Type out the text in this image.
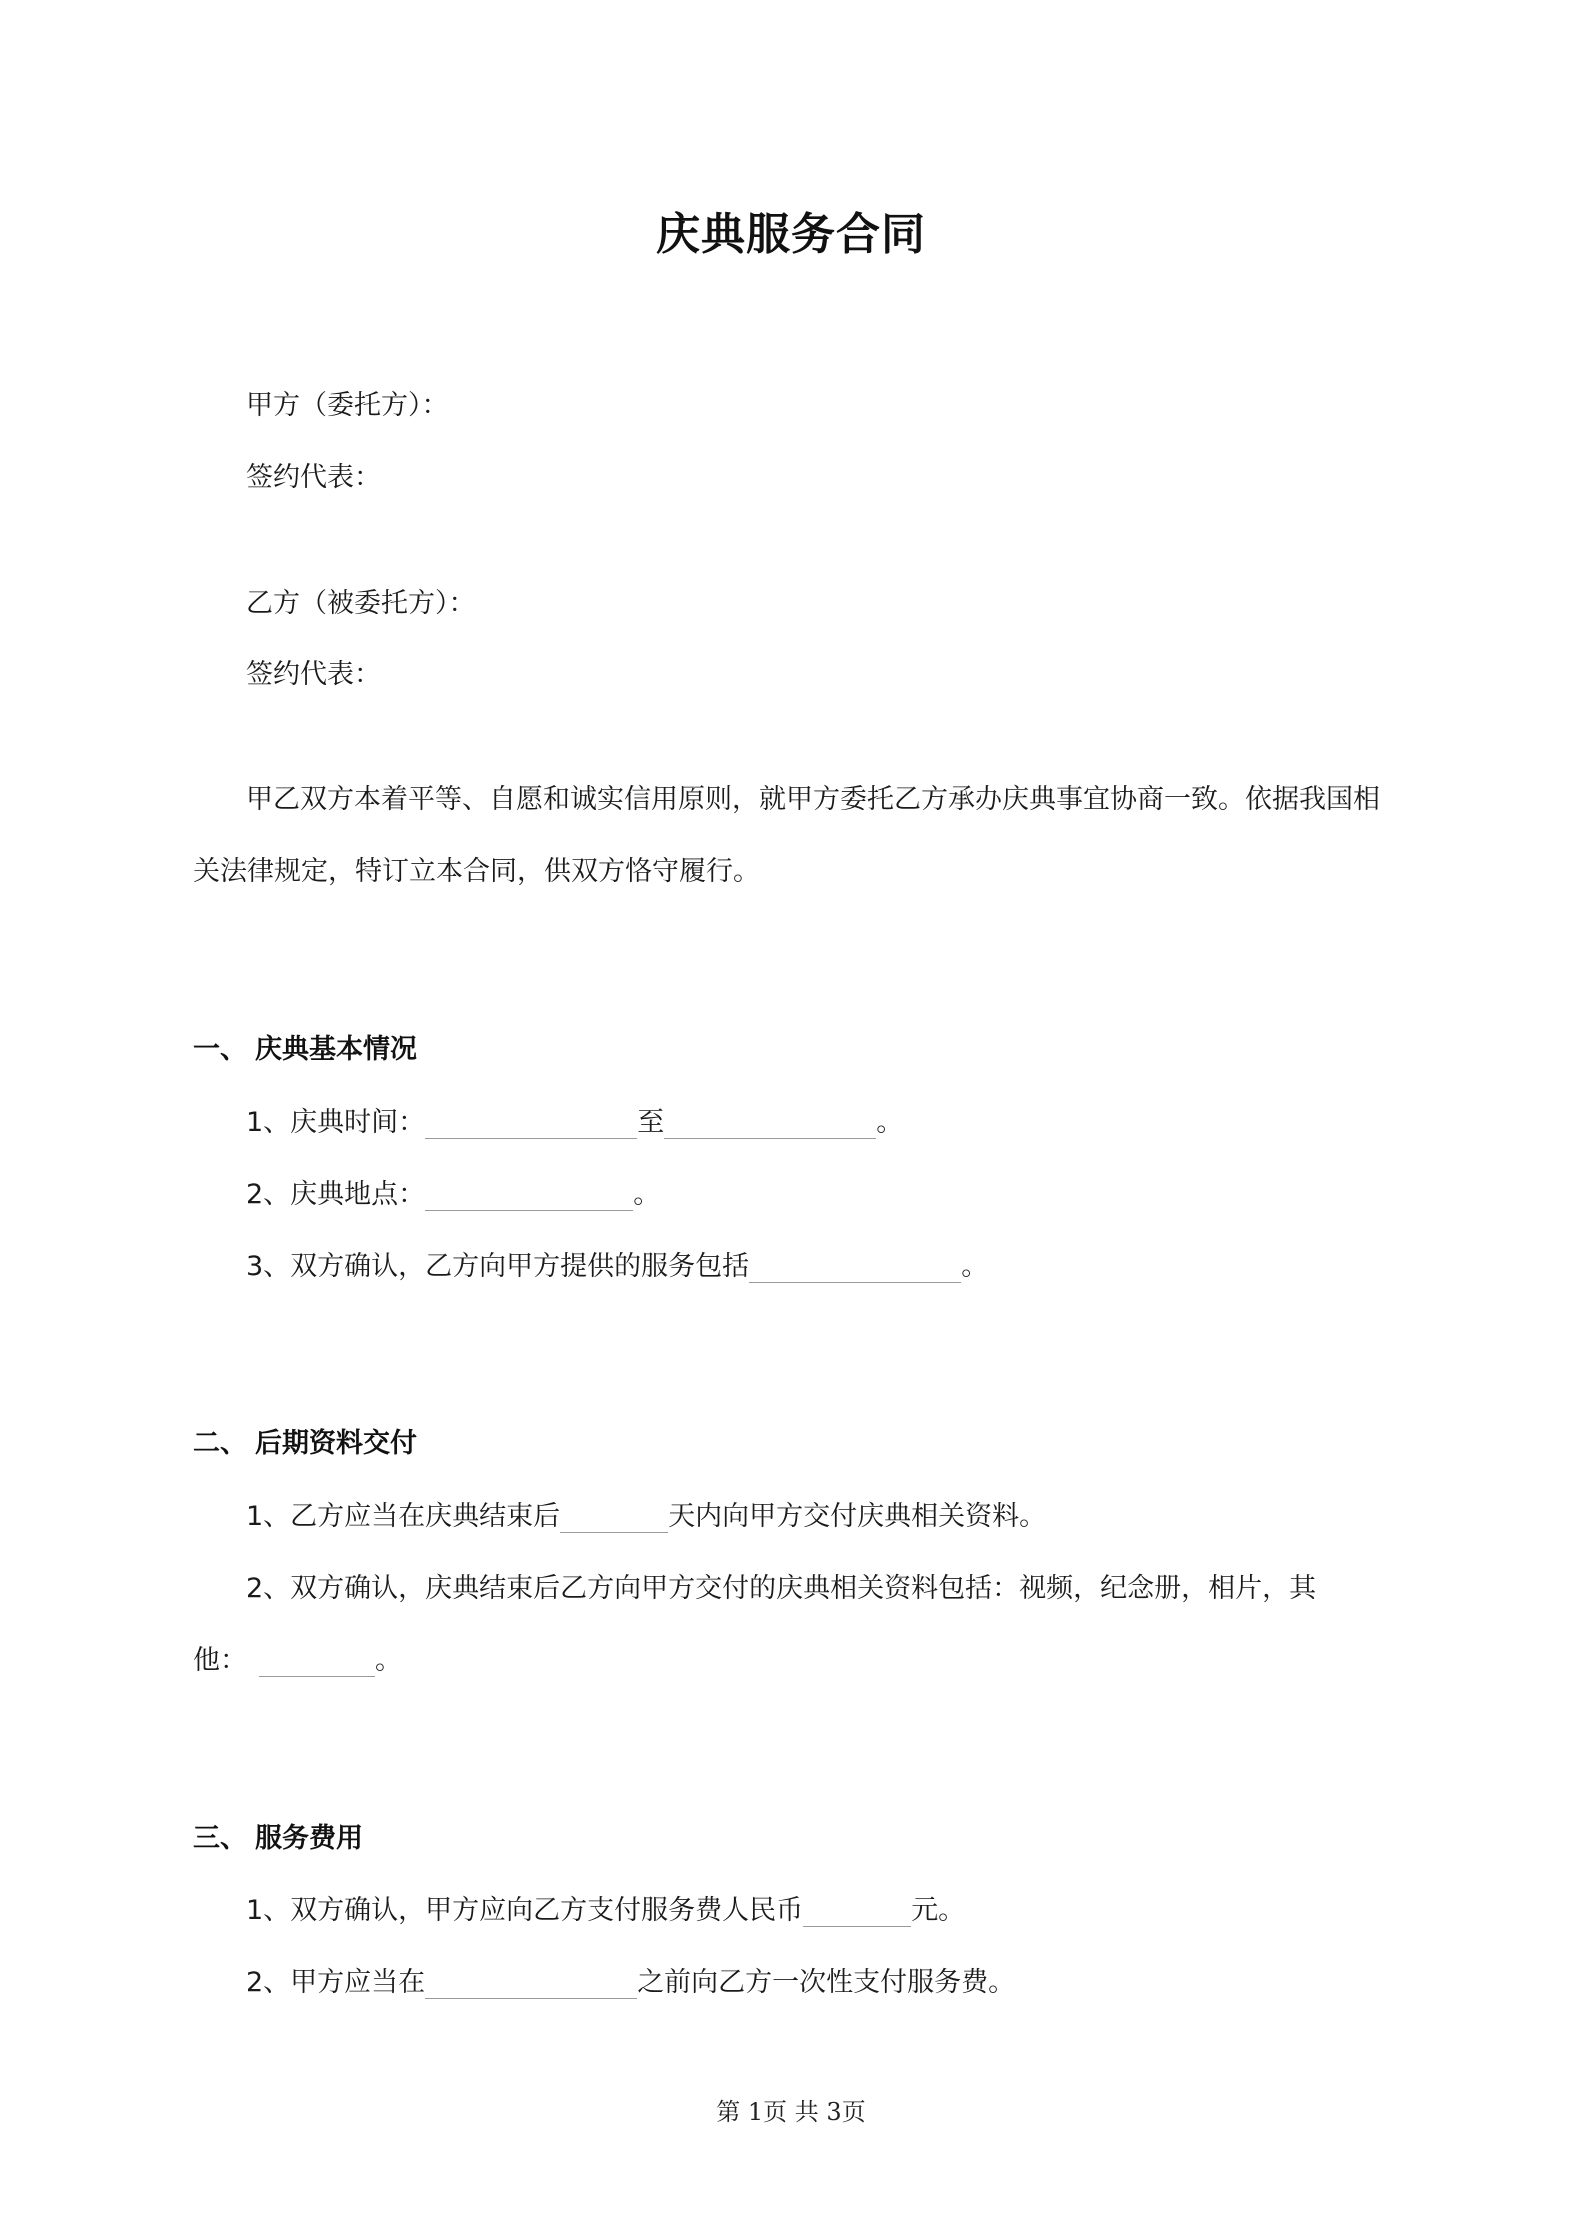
庆典服务合同
甲方（委托方）：
签约代表：
乙方（被委托方）：
签约代表：
甲乙双方本着平等、自愿和诚实信用原则，就甲方委托乙方承办庆典事宜协商一致。依据我国相
关法律规定，特订立本合同，供双方恪守履行。
一、 庆典基本情况
1、庆典时间：	至	。
2、庆典地点：	。
3、双方确认，乙方向甲方提供的服务包括	。
二、 后期资料交付
1、乙方应当在庆典结束后	天内向甲方交付庆典相关资料。
2、双方确认，庆典结束后乙方向甲方交付的庆典相关资料包括：视频，纪念册，相片，其
他：	。
三、 服务费用
1、双方确认，甲方应向乙方支付服务费人民币	元。
2、甲方应当在	之前向乙方一次性支付服务费。
第 1页 共 3页
